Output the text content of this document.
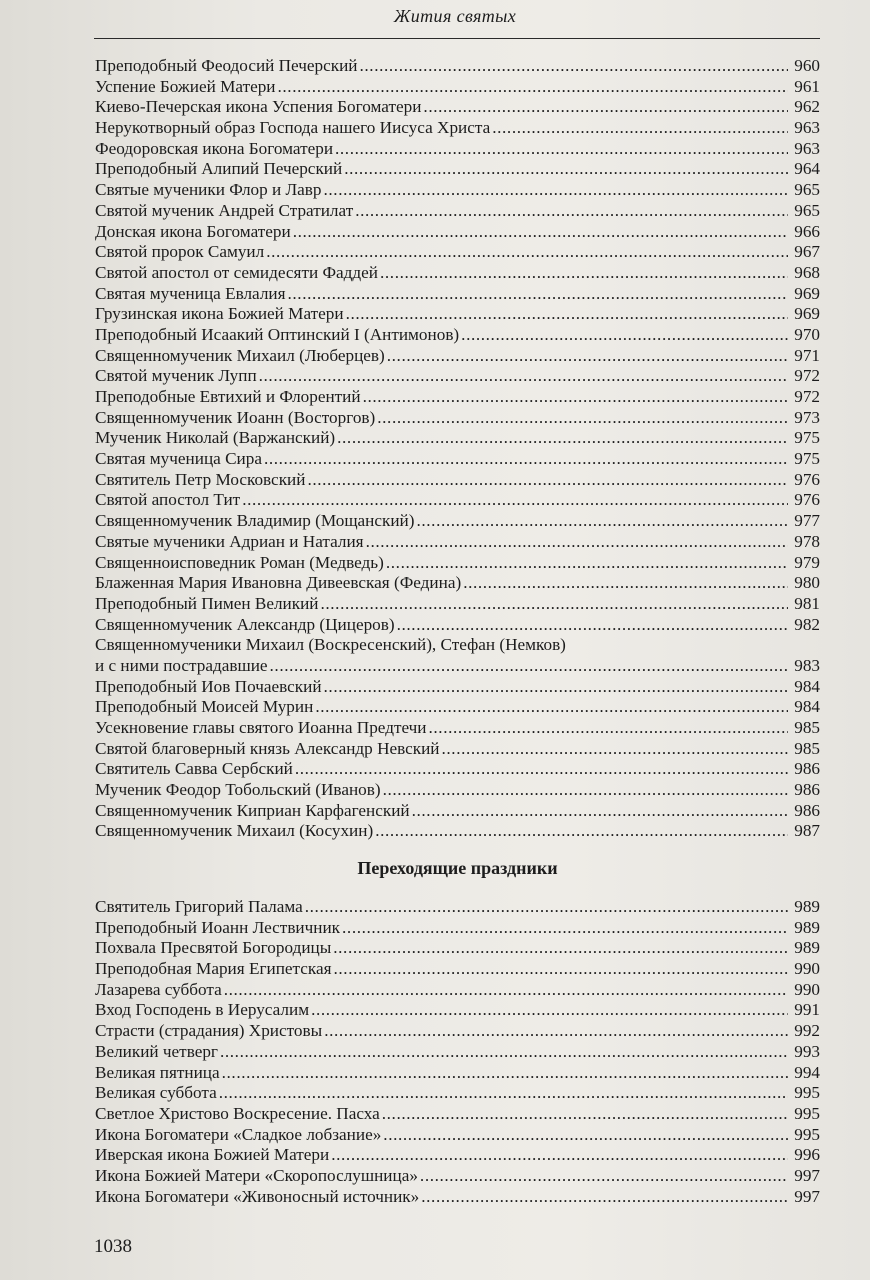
Жития святых
Преподобный Феодосий Печерский .....	960
Успение Божией Матери .....	961
Киево-Печерская икона Успения Богоматери .....	962
Нерукотворный образ Господа нашего Иисуса Христа .....	963
Феодоровская икона Богоматери .....	963
Преподобный Алипий Печерский .....	964
Святые мученики Флор и Лавр .....	965
Святой мученик Андрей Стратилат .....	965
Донская икона Богоматери .....	966
Святой пророк Самуил .....	967
Святой апостол от семидесяти Фаддей .....	968
Святая мученица Евлалия .....	969
Грузинская икона Божией Матери .....	969
Преподобный Исаакий Оптинский I (Антимонов) .....	970
Священномученик Михаил (Люберцев) .....	971
Святой мученик Лупп .....	972
Преподобные Евтихий и Флорентий .....	972
Священномученик Иоанн (Восторгов) .....	973
Мученик Николай (Варжанский) .....	975
Святая мученица Сира .....	975
Святитель Петр Московский .....	976
Святой апостол Тит .....	976
Священномученик Владимир (Мощанский) .....	977
Святые мученики Адриан и Наталия .....	978
Священноисповедник Роман (Медведь) .....	979
Блаженная Мария Ивановна Дивеевская (Федина) .....	980
Преподобный Пимен Великий .....	981
Священномученик Александр (Цицеров) .....	982
Священномученики Михаил (Воскресенский), Стефан (Немков)
и с ними пострадавшие .....	983
Преподобный Иов Почаевский .....	984
Преподобный Моисей Мурин .....	984
Усекновение главы святого Иоанна Предтечи .....	985
Святой благоверный князь Александр Невский .....	985
Святитель Савва Сербский .....	986
Мученик Феодор Тобольский (Иванов) .....	986
Священномученик Киприан Карфагенский .....	986
Священномученик Михаил (Косухин) .....	987
Переходящие праздники
Святитель Григорий Палама .....	989
Преподобный Иоанн Лествичник .....	989
Похвала Пресвятой Богородицы .....	989
Преподобная Мария Египетская .....	990
Лазарева суббота .....	990
Вход Господень в Иерусалим .....	991
Страсти (страдания) Христовы .....	992
Великий четверг .....	993
Великая пятница .....	994
Великая суббота .....	995
Светлое Христово Воскресение. Пасха .....	995
Икона Богоматери «Сладкое лобзание» .....	995
Иверская икона Божией Матери .....	996
Икона Божией Матери «Скоропослушница» .....	997
Икона Богоматери «Живоносный источник» .....	997
1038
